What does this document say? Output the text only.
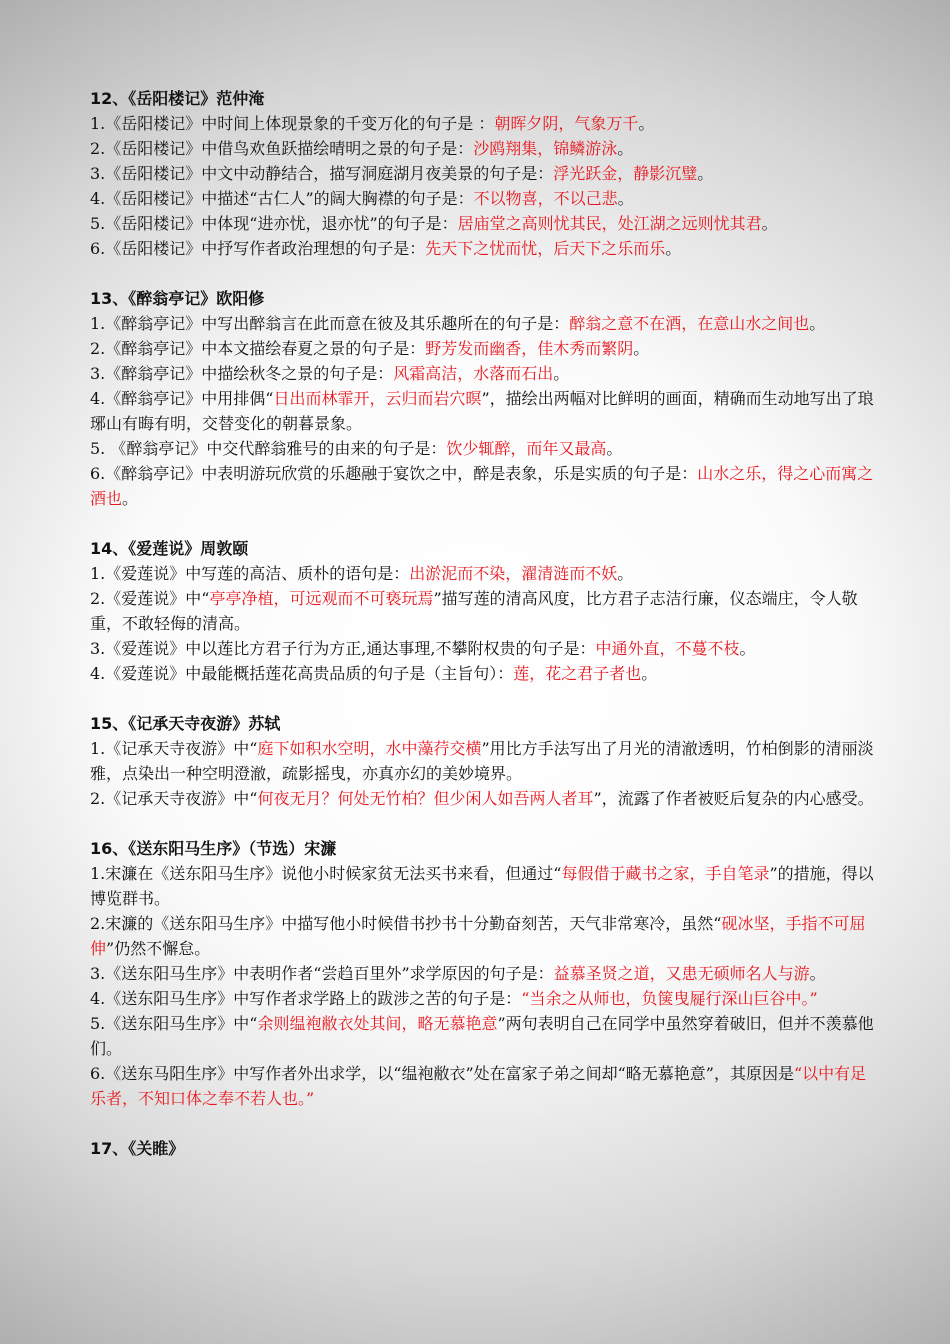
12、《岳阳楼记》范仲淹
1.《岳阳楼记》中时间上体现景象的千变万化的句子是 ：朝晖夕阴，气象万千。
2.《岳阳楼记》中借鸟欢鱼跃描绘晴明之景的句子是：沙鸥翔集，锦鳞游泳。
3.《岳阳楼记》中文中动静结合，描写洞庭湖月夜美景的句子是：浮光跃金，静影沉璧。
4.《岳阳楼记》中描述“古仁人”的阔大胸襟的句子是：不以物喜，不以己悲。
5.《岳阳楼记》中体现“进亦忧，退亦忧”的句子是：居庙堂之高则忧其民，处江湖之远则忧其君。
6.《岳阳楼记》中抒写作者政治理想的句子是：先天下之忧而忧，后天下之乐而乐。
13、《醉翁亭记》欧阳修
1.《醉翁亭记》中写出醉翁言在此而意在彼及其乐趣所在的句子是：醉翁之意不在酒，在意山水之间也。
2.《醉翁亭记》中本文描绘春夏之景的句子是：野芳发而幽香，佳木秀而繁阴。
3.《醉翁亭记》中描绘秋冬之景的句子是：风霜高洁，水落而石出。
4.《醉翁亭记》中用排偶“日出而林霏开，云归而岩穴暝”，描绘出两幅对比鲜明的画面，精确而生动地写出了琅琊山有晦有明，交替变化的朝暮景象。
5. 《醉翁亭记》中交代醉翁雅号的由来的句子是：饮少辄醉，而年又最高。
6.《醉翁亭记》中表明游玩欣赏的乐趣融于宴饮之中，醉是表象，乐是实质的句子是：山水之乐，得之心而寓之酒也。
14、《爱莲说》周敦颐
1.《爱莲说》中写莲的高洁、质朴的语句是：出淤泥而不染，濯清涟而不妖。
2.《爱莲说》中“亭亭净植，可远观而不可亵玩焉”描写莲的清高风度，比方君子志洁行廉，仪态端庄，令人敬重，不敢轻侮的清高。
3.《爱莲说》中以莲比方君子行为方正,通达事理,不攀附权贵的句子是：中通外直，不蔓不枝。
4.《爱莲说》中最能概括莲花高贵品质的句子是（主旨句）：莲，花之君子者也。
15、《记承天寺夜游》苏轼
1.《记承天寺夜游》中“庭下如积水空明，水中藻荇交横”用比方手法写出了月光的清澈透明，竹柏倒影的清丽淡雅，点染出一种空明澄澈，疏影摇曳，亦真亦幻的美妙境界。
2.《记承天寺夜游》中“何夜无月？何处无竹柏？但少闲人如吾两人者耳”，流露了作者被贬后复杂的内心感受。
16、《送东阳马生序》（节选）宋濂
1.宋濂在《送东阳马生序》说他小时候家贫无法买书来看，但通过“每假借于藏书之家，手自笔录”的措施，得以博览群书。
2.宋濂的《送东阳马生序》中描写他小时候借书抄书十分勤奋刻苦，天气非常寒冷，虽然“砚冰坚，手指不可屈伸”仍然不懈怠。
3.《送东阳马生序》中表明作者“尝趋百里外”求学原因的句子是：益慕圣贤之道，又患无硕师名人与游。
4.《送东阳马生序》中写作者求学路上的跋涉之苦的句子是：“当余之从师也，负箧曳屣行深山巨谷中。”
5.《送东阳马生序》中“余则缊袍敝衣处其间，略无慕艳意”两句表明自己在同学中虽然穿着破旧，但并不羡慕他们。
6.《送东马阳生序》中写作者外出求学，以“缊袍敝衣”处在富家子弟之间却“略无慕艳意”，其原因是“以中有足乐者，不知口体之奉不若人也。”
17、《关睢》
